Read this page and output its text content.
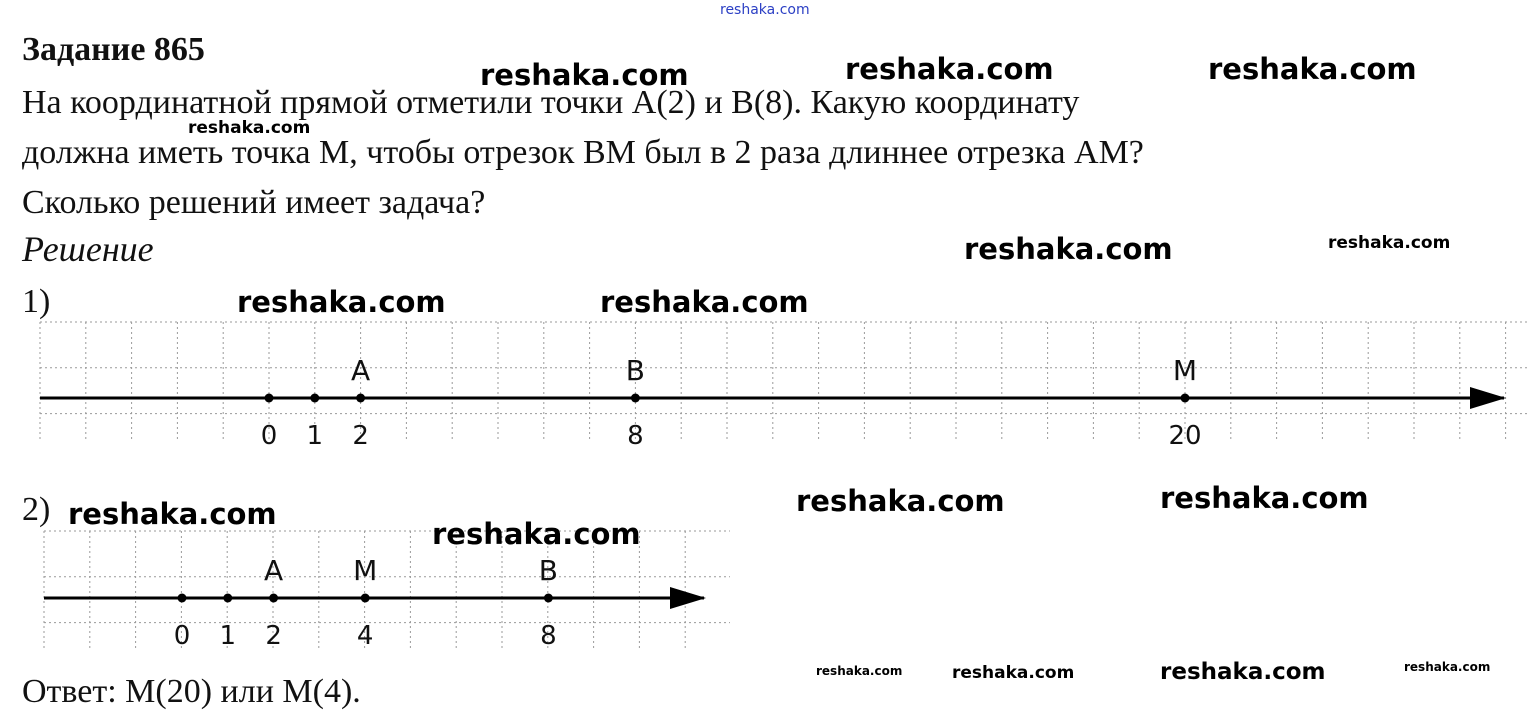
reshaka.com
Задание 865
На координатной прямой отметили точки A(2) и B(8). Какую координату
должна иметь точка M, чтобы отрезок BM был в 2 раза длиннее отрезка AM?
Сколько решений имеет задача?
Решение
1)
2)
0 1 2
A
8
B
20
M
0 1 2
A
4
M
8
B
Ответ: M(20) или M(4).
reshaka.com	reshaka.com	reshaka.com
reshaka.com
reshaka.com	reshaka.com
reshaka.com	reshaka.com
reshaka.com	reshaka.com	reshaka.com
reshaka.com
reshaka.com	reshaka.com	reshaka.com	reshaka.com
